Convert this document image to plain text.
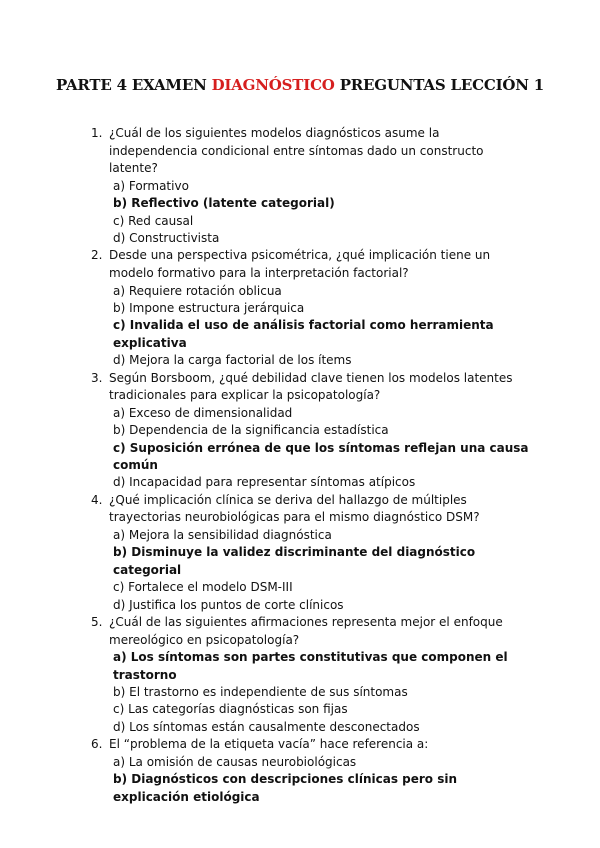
PARTE 4 EXAMEN DIAGNÓSTICO PREGUNTAS LECCIÓN 1
1. ¿Cuál de los siguientes modelos diagnósticos asume la independencia condicional entre síntomas dado un constructo latente?
a) Formativo
b) Reflectivo (latente categorial)
c) Red causal
d) Constructivista
2. Desde una perspectiva psicométrica, ¿qué implicación tiene un modelo formativo para la interpretación factorial?
a) Requiere rotación oblicua
b) Impone estructura jerárquica
c) Invalida el uso de análisis factorial como herramienta explicativa
d) Mejora la carga factorial de los ítems
3. Según Borsboom, ¿qué debilidad clave tienen los modelos latentes tradicionales para explicar la psicopatología?
a) Exceso de dimensionalidad
b) Dependencia de la significancia estadística
c) Suposición errónea de que los síntomas reflejan una causa común
d) Incapacidad para representar síntomas atípicos
4. ¿Qué implicación clínica se deriva del hallazgo de múltiples trayectorias neurobiológicas para el mismo diagnóstico DSM?
a) Mejora la sensibilidad diagnóstica
b) Disminuye la validez discriminante del diagnóstico categorial
c) Fortalece el modelo DSM-III
d) Justifica los puntos de corte clínicos
5. ¿Cuál de las siguientes afirmaciones representa mejor el enfoque mereológico en psicopatología?
a) Los síntomas son partes constitutivas que componen el trastorno
b) El trastorno es independiente de sus síntomas
c) Las categorías diagnósticas son fijas
d) Los síntomas están causalmente desconectados
6. El “problema de la etiqueta vacía” hace referencia a:
a) La omisión de causas neurobiológicas
b) Diagnósticos con descripciones clínicas pero sin explicación etiológica
